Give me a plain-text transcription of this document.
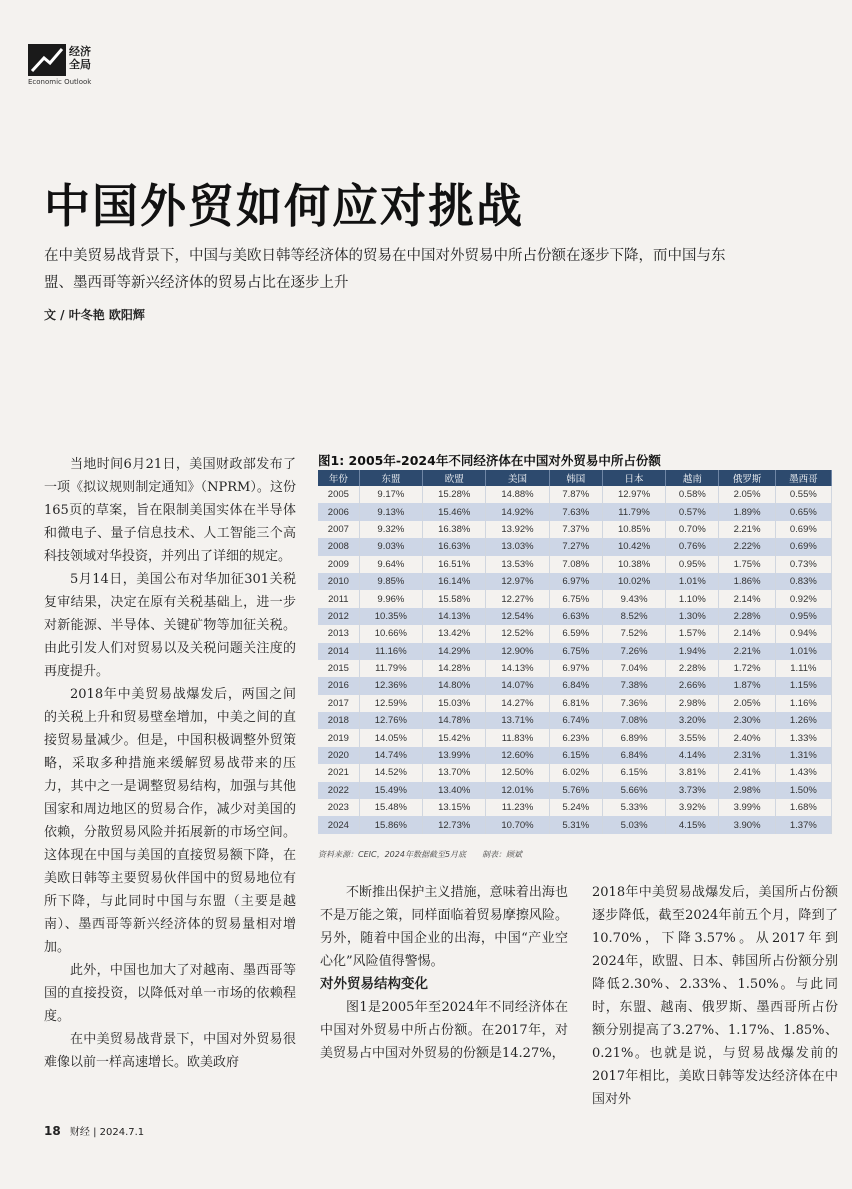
经济
全局
Economic Outlook
中国外贸如何应对挑战
在中美贸易战背景下，中国与美欧日韩等经济体的贸易在中国对外贸易中所占份额在逐步下降，而中国与东盟、墨西哥等新兴经济体的贸易占比在逐步上升
文 / 叶冬艳 欧阳辉

当地时间6月21日，美国财政部发布了一项《拟议规则制定通知》（NPRM）。这份165页的草案，旨在限制美国实体在半导体和微电子、量子信息技术、人工智能三个高科技领域对华投资，并列出了详细的规定。

5月14日，美国公布对华加征301关税复审结果，决定在原有关税基础上，进一步对新能源、半导体、关键矿物等加征关税。由此引发人们对贸易以及关税问题关注度的再度提升。

2018年中美贸易战爆发后，两国之间的关税上升和贸易壁垒增加，中美之间的直接贸易量减少。但是，中国积极调整外贸策略，采取多种措施来缓解贸易战带来的压力，其中之一是调整贸易结构，加强与其他国家和周边地区的贸易合作，减少对美国的依赖，分散贸易风险并拓展新的市场空间。这体现在中国与美国的直接贸易额下降，在美欧日韩等主要贸易伙伴国中的贸易地位有所下降，与此同时中国与东盟（主要是越南）、墨西哥等新兴经济体的贸易量相对增加。

此外，中国也加大了对越南、墨西哥等国的直接投资，以降低对单一市场的依赖程度。

在中美贸易战背景下，中国对外贸易很难像以前一样高速增长。欧美政府

图1: 2005年-2024年不同经济体在中国对外贸易中所占份额
年份	东盟	欧盟	美国	韩国	日本	越南	俄罗斯	墨西哥
2005	9.17%	15.28%	14.88%	7.87%	12.97%	0.58%	2.05%	0.55%
2006	9.13%	15.46%	14.92%	7.63%	11.79%	0.57%	1.89%	0.65%
2007	9.32%	16.38%	13.92%	7.37%	10.85%	0.70%	2.21%	0.69%
2008	9.03%	16.63%	13.03%	7.27%	10.42%	0.76%	2.22%	0.69%
2009	9.64%	16.51%	13.53%	7.08%	10.38%	0.95%	1.75%	0.73%
2010	9.85%	16.14%	12.97%	6.97%	10.02%	1.01%	1.86%	0.83%
2011	9.96%	15.58%	12.27%	6.75%	9.43%	1.10%	2.14%	0.92%
2012	10.35%	14.13%	12.54%	6.63%	8.52%	1.30%	2.28%	0.95%
2013	10.66%	13.42%	12.52%	6.59%	7.52%	1.57%	2.14%	0.94%
2014	11.16%	14.29%	12.90%	6.75%	7.26%	1.94%	2.21%	1.01%
2015	11.79%	14.28%	14.13%	6.97%	7.04%	2.28%	1.72%	1.11%
2016	12.36%	14.80%	14.07%	6.84%	7.38%	2.66%	1.87%	1.15%
2017	12.59%	15.03%	14.27%	6.81%	7.36%	2.98%	2.05%	1.16%
2018	12.76%	14.78%	13.71%	6.74%	7.08%	3.20%	2.30%	1.26%
2019	14.05%	15.42%	11.83%	6.23%	6.89%	3.55%	2.40%	1.33%
2020	14.74%	13.99%	12.60%	6.15%	6.84%	4.14%	2.31%	1.31%
2021	14.52%	13.70%	12.50%	6.02%	6.15%	3.81%	2.41%	1.43%
2022	15.49%	13.40%	12.01%	5.76%	5.66%	3.73%	2.98%	1.50%
2023	15.48%	13.15%	11.23%	5.24%	5.33%	3.92%	3.99%	1.68%
2024	15.86%	12.73%	10.70%	5.31%	5.03%	4.15%	3.90%	1.37%
资料来源：CEIC，2024年数据截至5月底　　制表：顾斌

不断推出保护主义措施，意味着出海也不是万能之策，同样面临着贸易摩擦风险。另外，随着中国企业的出海，中国“产业空心化”风险值得警惕。

对外贸易结构变化

图1是2005年至2024年不同经济体在中国对外贸易中所占份额。在2017年，对美贸易占中国对外贸易的份额是14.27%，

2018年中美贸易战爆发后，美国所占份额逐步降低，截至2024年前五个月，降到了10.70%，下降3.57%。从2017年到2024年，欧盟、日本、韩国所占份额分别降低2.30%、2.33%、1.50%。与此同时，东盟、越南、俄罗斯、墨西哥所占份额分别提高了3.27%、1.17%、1.85%、0.21%。也就是说，与贸易战爆发前的2017年相比，美欧日韩等发达经济体在中国对外

18 财经 | 2024.7.1
